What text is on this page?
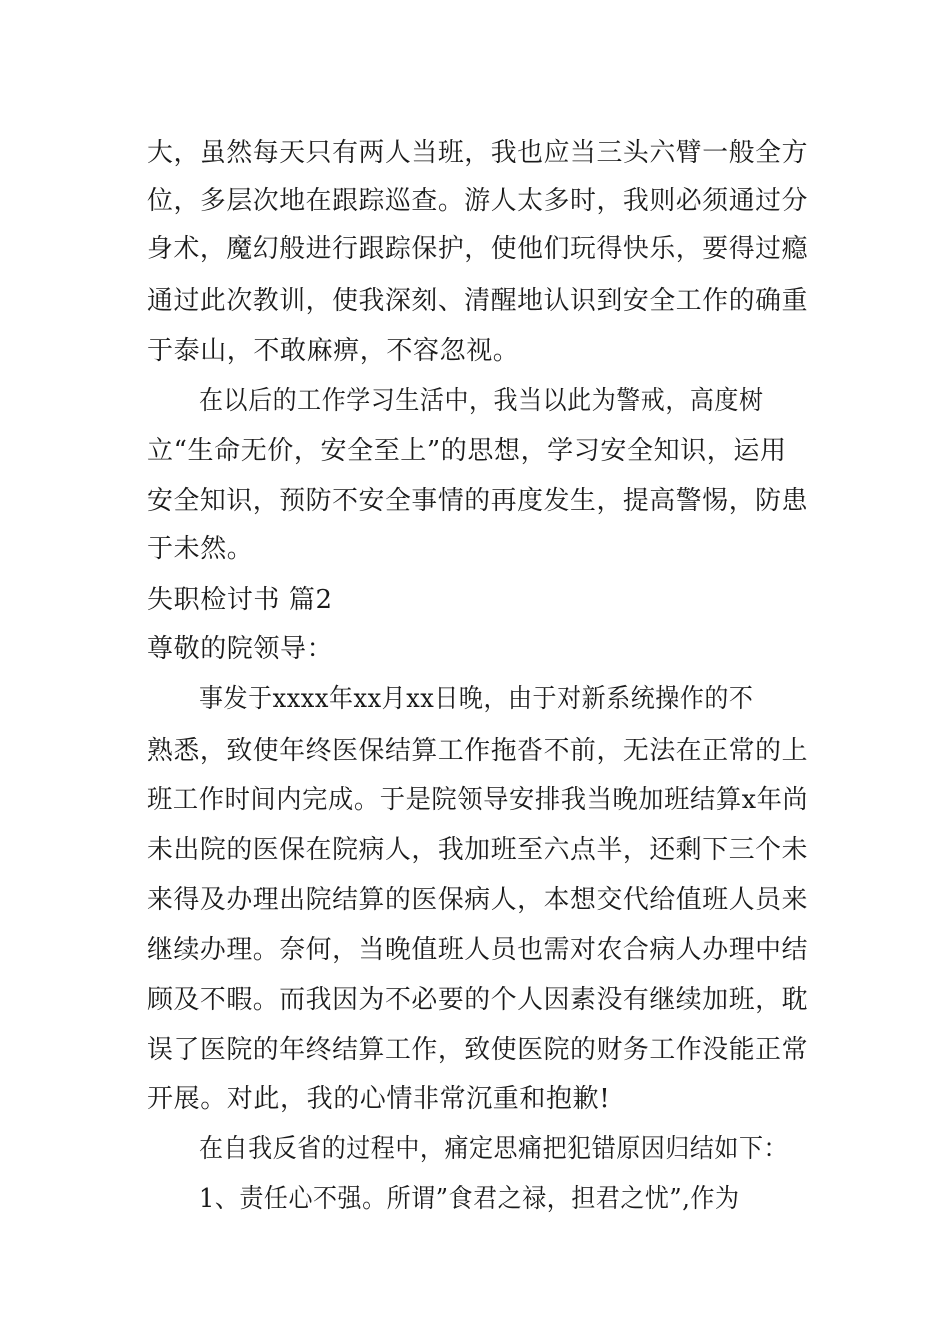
大，虽然每天只有两人当班，我也应当三头六臂一般全方
位，多层次地在跟踪巡查。游人太多时，我则必须通过分
身术，魔幻般进行跟踪保护，使他们玩得快乐，要得过瘾
通过此次教训，使我深刻、清醒地认识到安全工作的确重
于泰山，不敢麻痹，不容忽视。
在以后的工作学习生活中，我当以此为警戒，高度树
立“生命无价，安全至上”的思想，学习安全知识，运用
安全知识，预防不安全事情的再度发生，提高警惕，防患
于未然。
失职检讨书 篇2
尊敬的院领导：
事发于xxxx年xx月xx日晚，由于对新系统操作的不
熟悉，致使年终医保结算工作拖沓不前，无法在正常的上
班工作时间内完成。于是院领导安排我当晚加班结算x年尚
未出院的医保在院病人，我加班至六点半，还剩下三个未
来得及办理出院结算的医保病人，本想交代给值班人员来
继续办理。奈何，当晚值班人员也需对农合病人办理中结
顾及不暇。而我因为不必要的个人因素没有继续加班，耽
误了医院的年终结算工作，致使医院的财务工作没能正常
开展。对此，我的心情非常沉重和抱歉!
在自我反省的过程中，痛定思痛把犯错原因归结如下：
1、责任心不强。所谓”食君之禄，担君之忧”,作为
